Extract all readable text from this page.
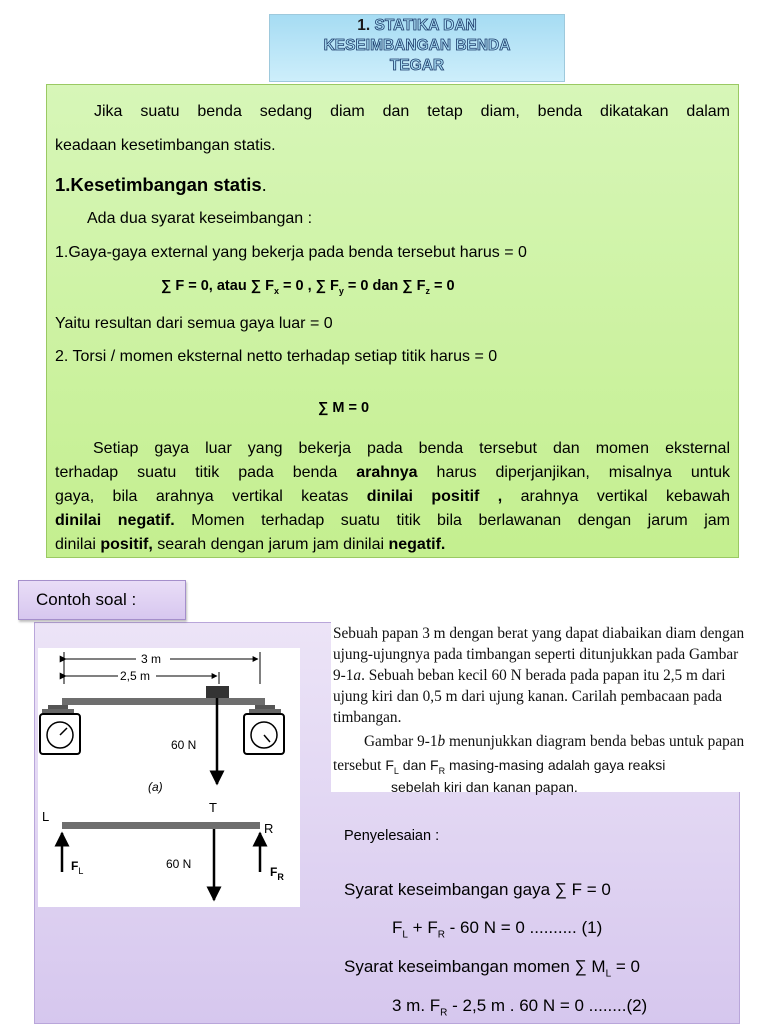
1. STATIKA DAN
KESEIMBANGAN BENDA
TEGAR
Jika suatu benda sedang diam dan tetap diam, benda dikatakan dalam
keadaan kesetimbangan statis.
1.Kesetimbangan statis.
Ada dua syarat keseimbangan :
1.Gaya-gaya external yang bekerja pada benda tersebut harus = 0
∑ F = 0, atau ∑ $F_x = 0$ , ∑ $F_y = 0$ dan ∑ $F_z = 0$
Yaitu resultan dari semua gaya luar = 0
2. Torsi / momen eksternal netto terhadap setiap titik harus = 0
∑ M = 0
Setiap gaya luar yang bekerja pada benda tersebut dan momen eksternal
terhadap suatu titik pada benda arahnya harus diperjanjikan, misalnya untuk
gaya, bila arahnya vertikal keatas dinilai positif , arahnya vertikal kebawah
dinilai negatif. Momen terhadap suatu titik bila berlawanan dengan jarum jam
dinilai positif, searah dengan jarum jam dinilai negatif.
Contoh soal :
3 m
2,5 m
60 N
(a)
L
T
R
$F_L$	$F_R$
60 N
Sebuah papan 3 m dengan berat yang dapat diabaikan diam dengan
ujung-ujungnya pada timbangan seperti ditunjukkan pada Gambar
9-1a. Sebuah beban kecil 60 N berada pada papan itu 2,5 m dari
ujung kiri dan 0,5 m dari ujung kanan. Carilah pembacaan pada
timbangan.
Gambar 9-1b menunjukkan diagram benda bebas untuk papan
tersebut $F_L$ dan $F_R$ masing-masing adalah gaya reaksi
sebelah kiri dan kanan papan.
Penyelesaian :
Syarat keseimbangan gaya ∑ F = 0
$F_L + F_R - 60$ N = 0 .......... (1)
Syarat keseimbangan momen ∑ $M_L = 0$
3 m. $F_R - 2,5$ m . 60 N = 0 ........(2)
